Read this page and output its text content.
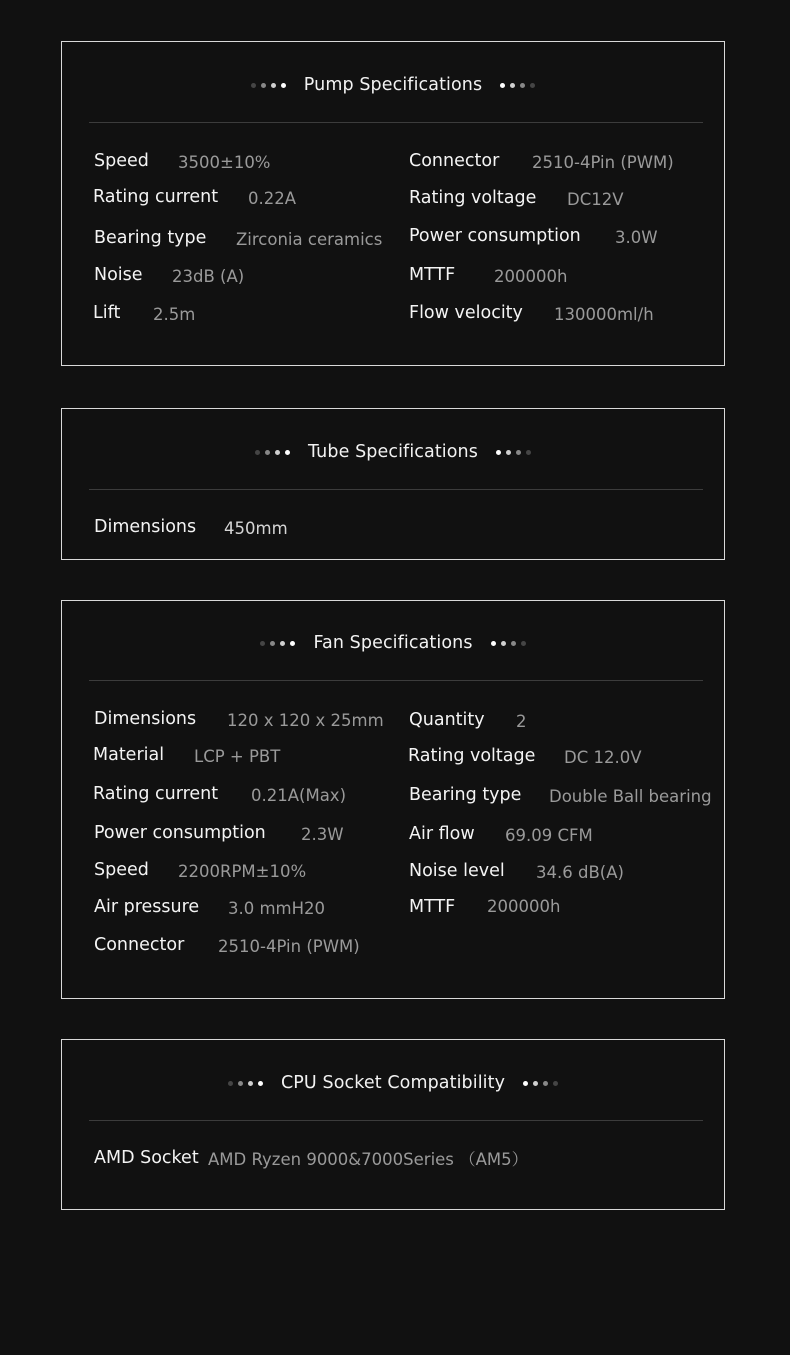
Pump Specifications
Speed 3500±10%
Rating current 0.22A
Bearing type Zirconia ceramics
Noise 23dB (A)
Lift 2.5m
Connector 2510-4Pin (PWM)
Rating voltage DC12V
Power consumption 3.0W
MTTF 200000h
Flow velocity 130000ml/h
Tube Specifications
Dimensions 450mm
Fan Specifications
Dimensions 120 x 120 x 25mm
Material LCP + PBT
Rating current 0.21A(Max)
Power consumption 2.3W
Speed 2200RPM±10%
Air pressure 3.0 mmH20
Connector 2510-4Pin (PWM)
Quantity 2
Rating voltage DC 12.0V
Bearing type Double Ball bearing
Air flow 69.09 CFM
Noise level 34.6 dB(A)
MTTF 200000h
CPU Socket Compatibility
AMD Socket AMD Ryzen 9000&7000Series （AM5）
